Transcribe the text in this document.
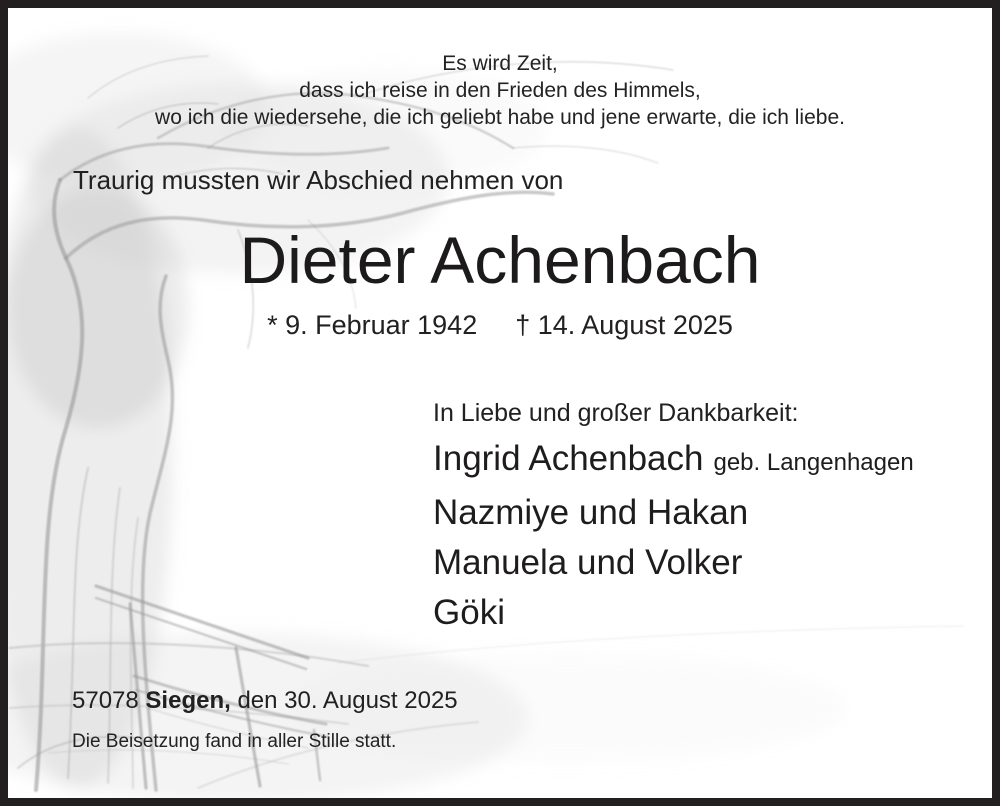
Es wird Zeit,
dass ich reise in den Frieden des Himmels,
wo ich die wiedersehe, die ich geliebt habe und jene erwarte, die ich liebe.
Traurig mussten wir Abschied nehmen von
Dieter Achenbach
* 9. Februar 1942 † 14. August 2025
In Liebe und großer Dankbarkeit:
Ingrid Achenbach geb. Langenhagen
Nazmiye und Hakan
Manuela und Volker
Göki
57078 Siegen, den 30. August 2025
Die Beisetzung fand in aller Stille statt.
